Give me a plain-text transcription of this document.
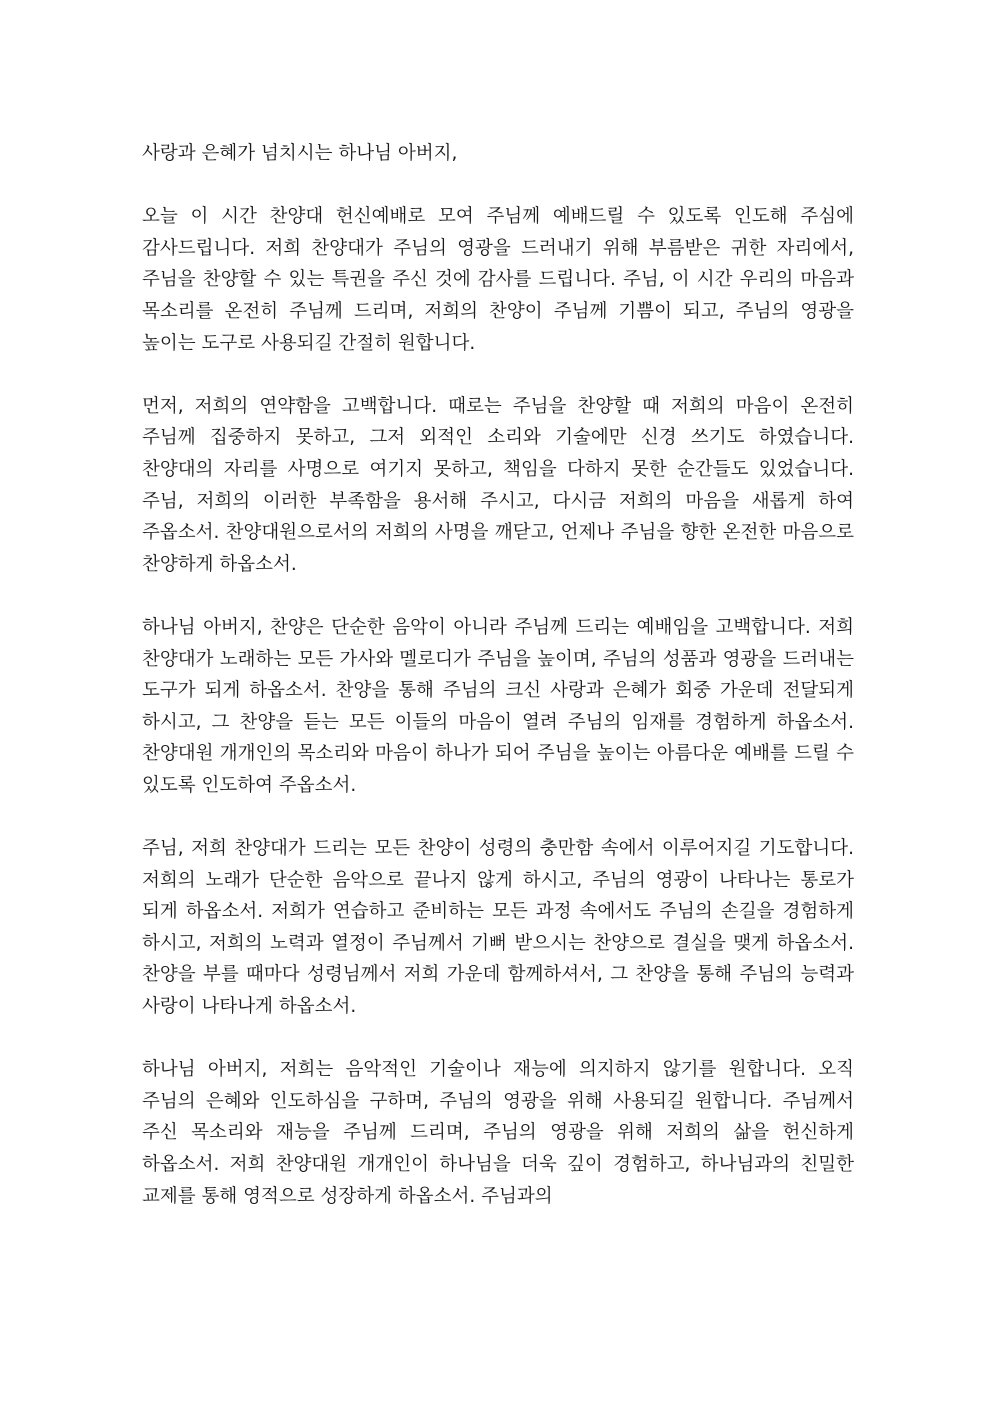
사랑과 은혜가 넘치시는 하나님 아버지,

오늘 이 시간 찬양대 헌신예배로 모여 주님께 예배드릴 수 있도록 인도해 주심에 감사드립니다. 저희 찬양대가 주님의 영광을 드러내기 위해 부름받은 귀한 자리에서, 주님을 찬양할 수 있는 특권을 주신 것에 감사를 드립니다. 주님, 이 시간 우리의 마음과 목소리를 온전히 주님께 드리며, 저희의 찬양이 주님께 기쁨이 되고, 주님의 영광을 높이는 도구로 사용되길 간절히 원합니다.

먼저, 저희의 연약함을 고백합니다. 때로는 주님을 찬양할 때 저희의 마음이 온전히 주님께 집중하지 못하고, 그저 외적인 소리와 기술에만 신경 쓰기도 하였습니다. 찬양대의 자리를 사명으로 여기지 못하고, 책임을 다하지 못한 순간들도 있었습니다. 주님, 저희의 이러한 부족함을 용서해 주시고, 다시금 저희의 마음을 새롭게 하여 주옵소서. 찬양대원으로서의 저희의 사명을 깨닫고, 언제나 주님을 향한 온전한 마음으로 찬양하게 하옵소서.

하나님 아버지, 찬양은 단순한 음악이 아니라 주님께 드리는 예배임을 고백합니다. 저희 찬양대가 노래하는 모든 가사와 멜로디가 주님을 높이며, 주님의 성품과 영광을 드러내는 도구가 되게 하옵소서. 찬양을 통해 주님의 크신 사랑과 은혜가 회중 가운데 전달되게 하시고, 그 찬양을 듣는 모든 이들의 마음이 열려 주님의 임재를 경험하게 하옵소서. 찬양대원 개개인의 목소리와 마음이 하나가 되어 주님을 높이는 아름다운 예배를 드릴 수 있도록 인도하여 주옵소서.

주님, 저희 찬양대가 드리는 모든 찬양이 성령의 충만함 속에서 이루어지길 기도합니다. 저희의 노래가 단순한 음악으로 끝나지 않게 하시고, 주님의 영광이 나타나는 통로가 되게 하옵소서. 저희가 연습하고 준비하는 모든 과정 속에서도 주님의 손길을 경험하게 하시고, 저희의 노력과 열정이 주님께서 기뻐 받으시는 찬양으로 결실을 맺게 하옵소서. 찬양을 부를 때마다 성령님께서 저희 가운데 함께하셔서, 그 찬양을 통해 주님의 능력과 사랑이 나타나게 하옵소서.

하나님 아버지, 저희는 음악적인 기술이나 재능에 의지하지 않기를 원합니다. 오직 주님의 은혜와 인도하심을 구하며, 주님의 영광을 위해 사용되길 원합니다. 주님께서 주신 목소리와 재능을 주님께 드리며, 주님의 영광을 위해 저희의 삶을 헌신하게 하옵소서. 저희 찬양대원 개개인이 하나님을 더욱 깊이 경험하고, 하나님과의 친밀한 교제를 통해 영적으로 성장하게 하옵소서. 주님과의
